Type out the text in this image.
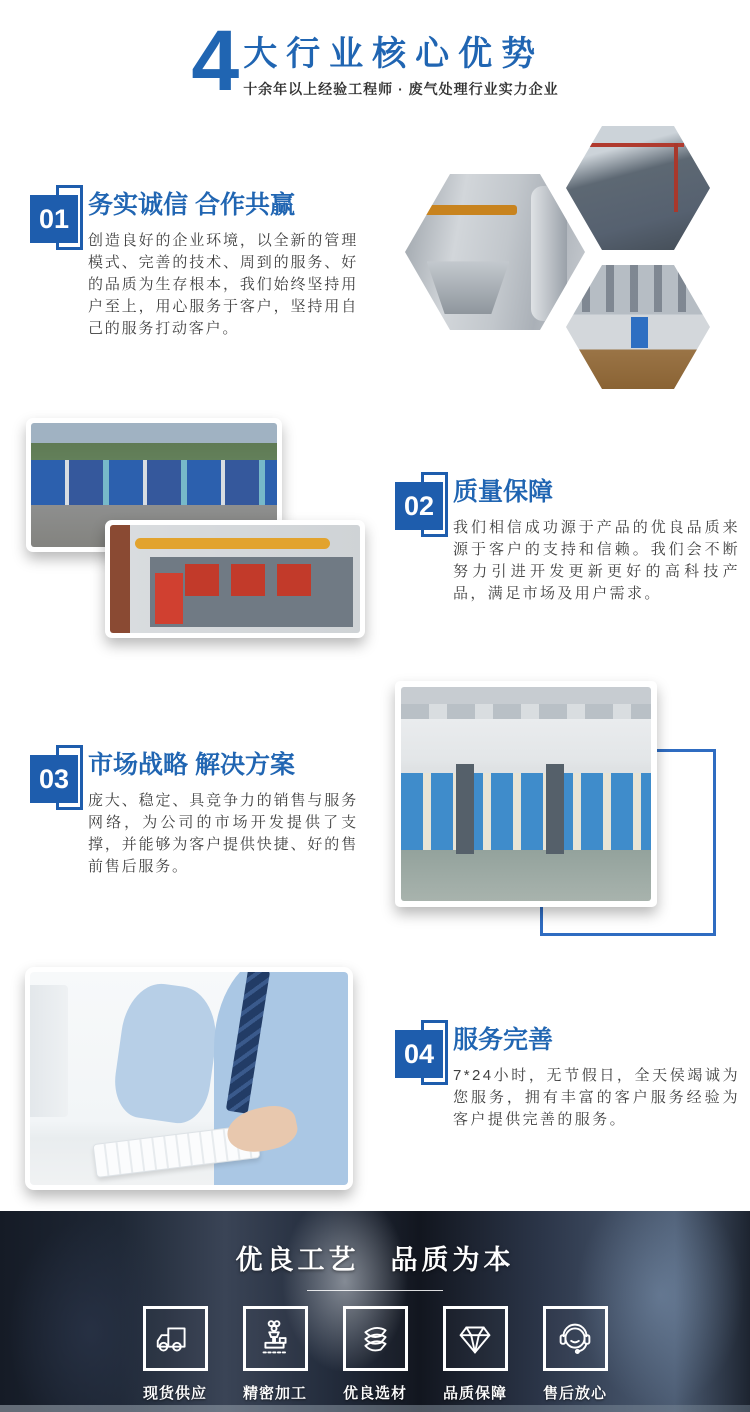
4 大行业核心优势
十余年以上经验工程师 · 废气处理行业实力企业
01 务实诚信 合作共赢
创造良好的企业环境，以全新的管理模式、完善的技术、周到的服务、好的品质为生存根本，我们始终坚持用户至上，用心服务于客户，坚持用自己的服务打动客户。
02 质量保障
我们相信成功源于产品的优良品质来源于客户的支持和信赖。我们会不断努力引进开发更新更好的高科技产品，满足市场及用户需求。
03 市场战略 解决方案
庞大、稳定、具竞争力的销售与服务网络，为公司的市场开发提供了支撑，并能够为客户提供快捷、好的售前售后服务。
04 服务完善
7*24小时，无节假日，全天侯竭诚为您服务，拥有丰富的客户服务经验为客户提供完善的服务。
优良工艺　品质为本
现货供应 精密加工 优良选材 品质保障 售后放心
